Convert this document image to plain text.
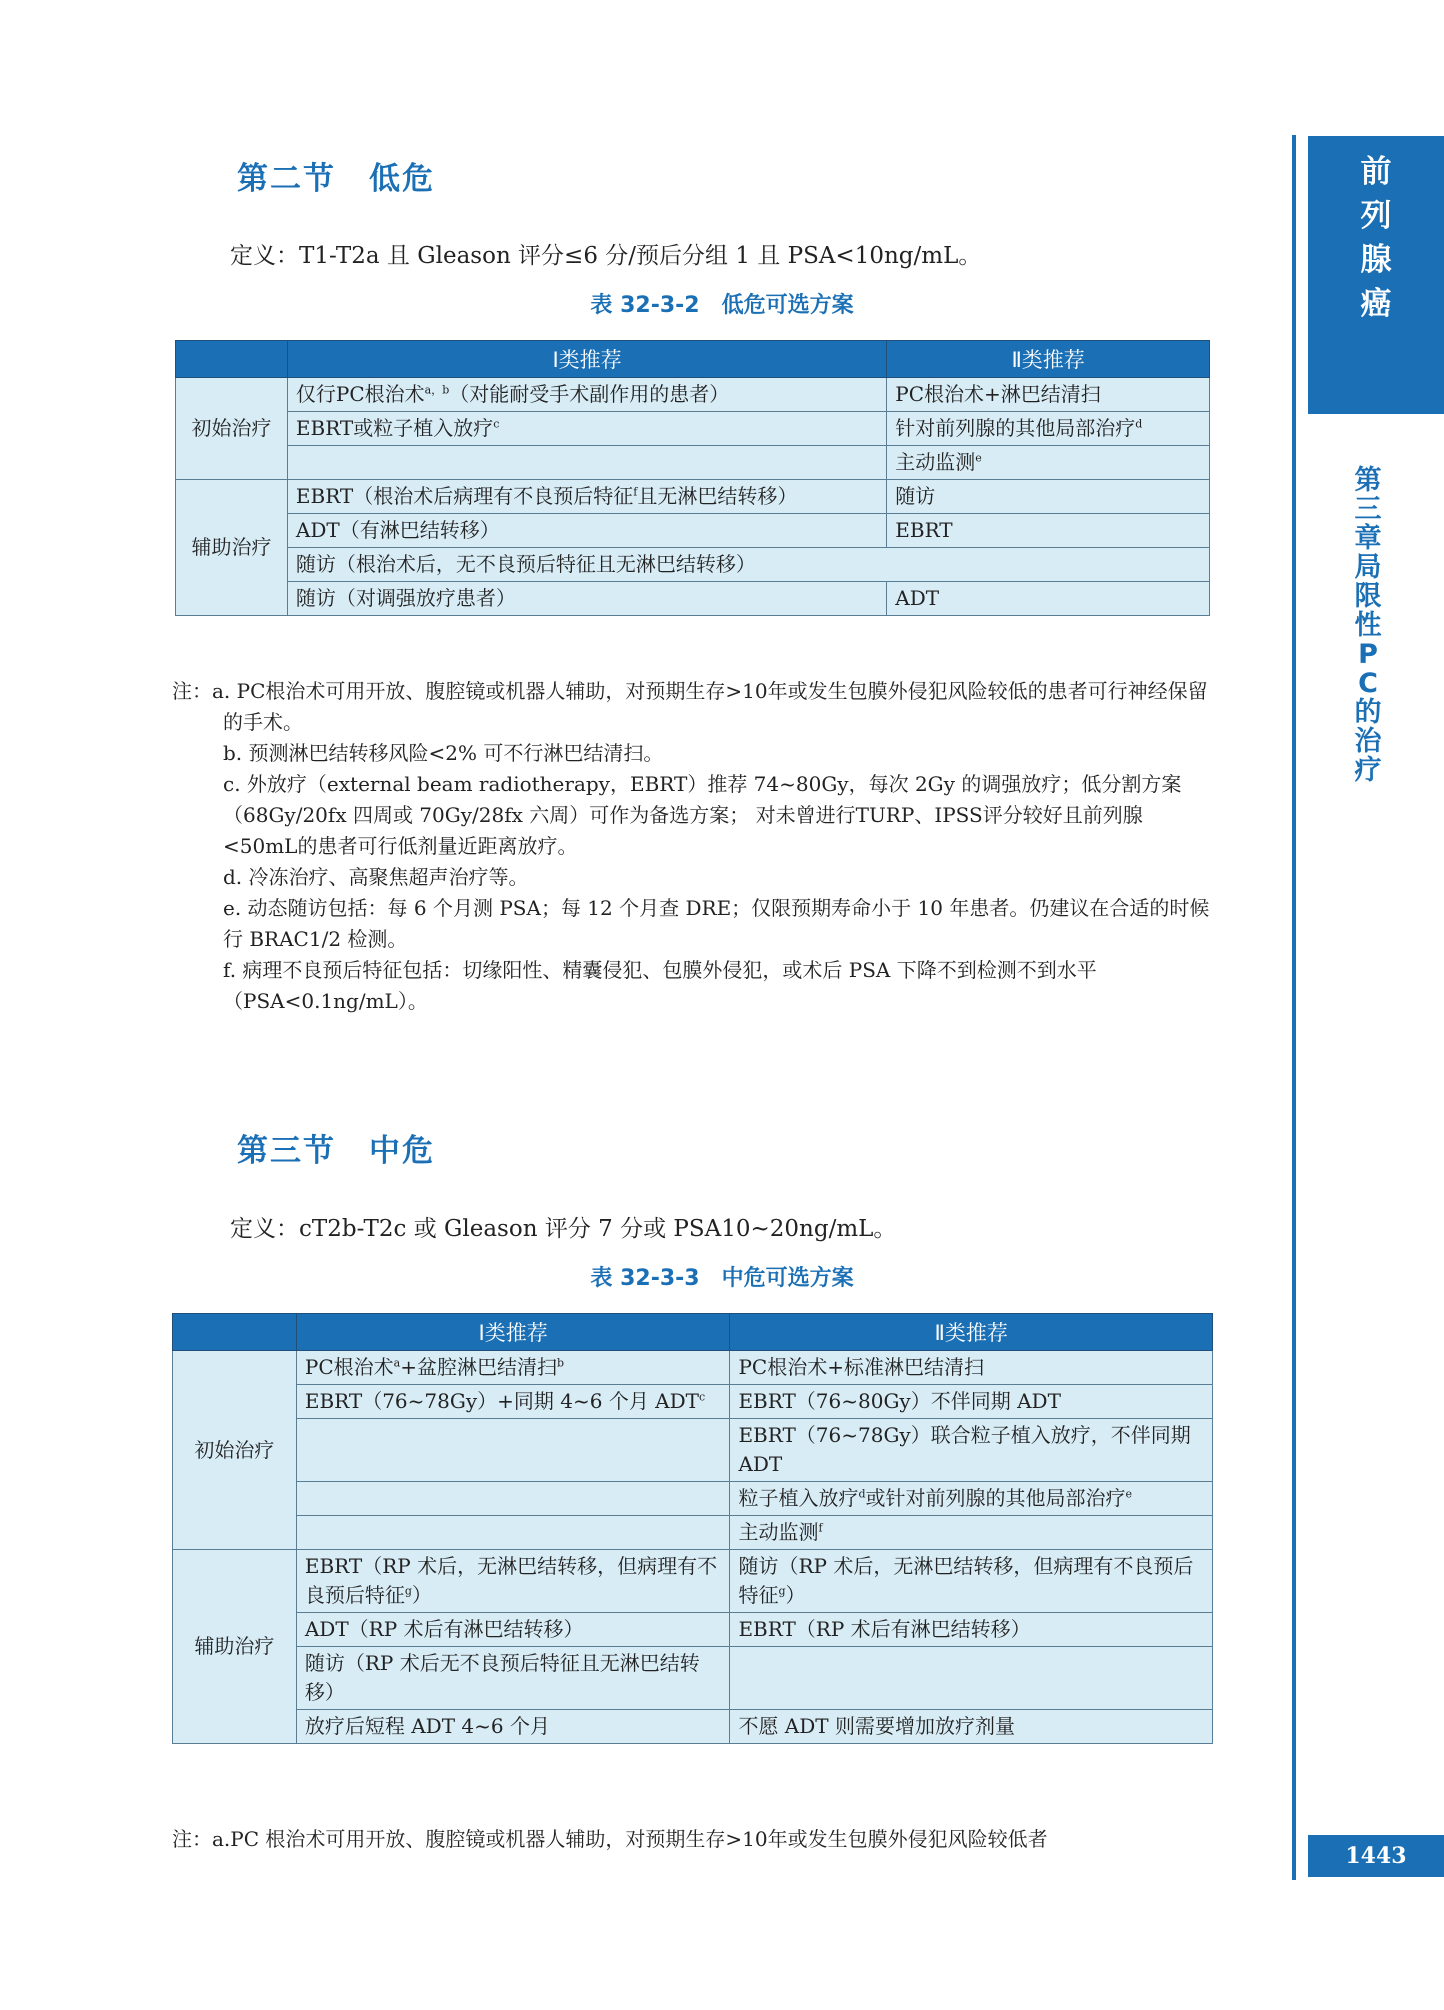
前
列
腺
癌
第三章 局限性PC的治疗
1443
第二节　低危
定义：T1-T2a 且 Gleason 评分≤6 分/预后分组 1 且 PSA<10ng/mL。
表 32-3-2　低危可选方案
	Ⅰ类推荐	Ⅱ类推荐
初始治疗	仅行PC根治术$^{a,b}$（对能耐受手术副作用的患者）	PC根治术+淋巴结清扫
	EBRT或粒子植入放疗$^c$	针对前列腺的其他局部治疗$^d$
		主动监测$^e$
辅助治疗	EBRT（根治术后病理有不良预后特征$^f$且无淋巴结转移）	随访
	ADT（有淋巴结转移）	EBRT
	随访（根治术后，无不良预后特征且无淋巴结转移）	
	随访（对调强放疗患者）	ADT
注：a. PC根治术可用开放、腹腔镜或机器人辅助，对预期生存>10年或发生包膜外侵犯风险较低的患者可行神经保留的手术。
b. 预测淋巴结转移风险<2% 可不行淋巴结清扫。
c. 外放疗（external beam radiotherapy，EBRT）推荐 74~80Gy，每次 2Gy 的调强放疗；低分割方案（68Gy/20fx 四周或 70Gy/28fx 六周）可作为备选方案； 对未曾进行TURP、IPSS评分较好且前列腺<50mL的患者可行低剂量近距离放疗。
d. 冷冻治疗、高聚焦超声治疗等。
e. 动态随访包括：每 6 个月测 PSA；每 12 个月查 DRE；仅限预期寿命小于 10 年患者。仍建议在合适的时候行 BRAC1/2 检测。
f. 病理不良预后特征包括：切缘阳性、精囊侵犯、包膜外侵犯，或术后 PSA 下降不到检测不到水平（PSA<0.1ng/mL）。
第三节　中危
定义：cT2b-T2c 或 Gleason 评分 7 分或 PSA10~20ng/mL。
表 32-3-3　中危可选方案
	Ⅰ类推荐	Ⅱ类推荐
初始治疗	PC根治术$^a$+盆腔淋巴结清扫$^b$	PC根治术+标准淋巴结清扫
	EBRT（76~78Gy）+同期 4~6 个月 ADT$^c$	EBRT（76~80Gy）不伴同期 ADT
		EBRT（76~78Gy）联合粒子植入放疗，不伴同期 ADT
		粒子植入放疗$^d$或针对前列腺的其他局部治疗$^e$
		主动监测$^f$
辅助治疗	EBRT（RP 术后，无淋巴结转移，但病理有不良预后特征$^g$）	随访（RP 术后，无淋巴结转移，但病理有不良预后特征$^g$）
	ADT（RP 术后有淋巴结转移）	EBRT（RP 术后有淋巴结转移）
	随访（RP 术后无不良预后特征且无淋巴结转移）	
	放疗后短程 ADT 4~6 个月	不愿 ADT 则需要增加放疗剂量
注：a.PC 根治术可用开放、腹腔镜或机器人辅助，对预期生存>10年或发生包膜外侵犯风险较低者
